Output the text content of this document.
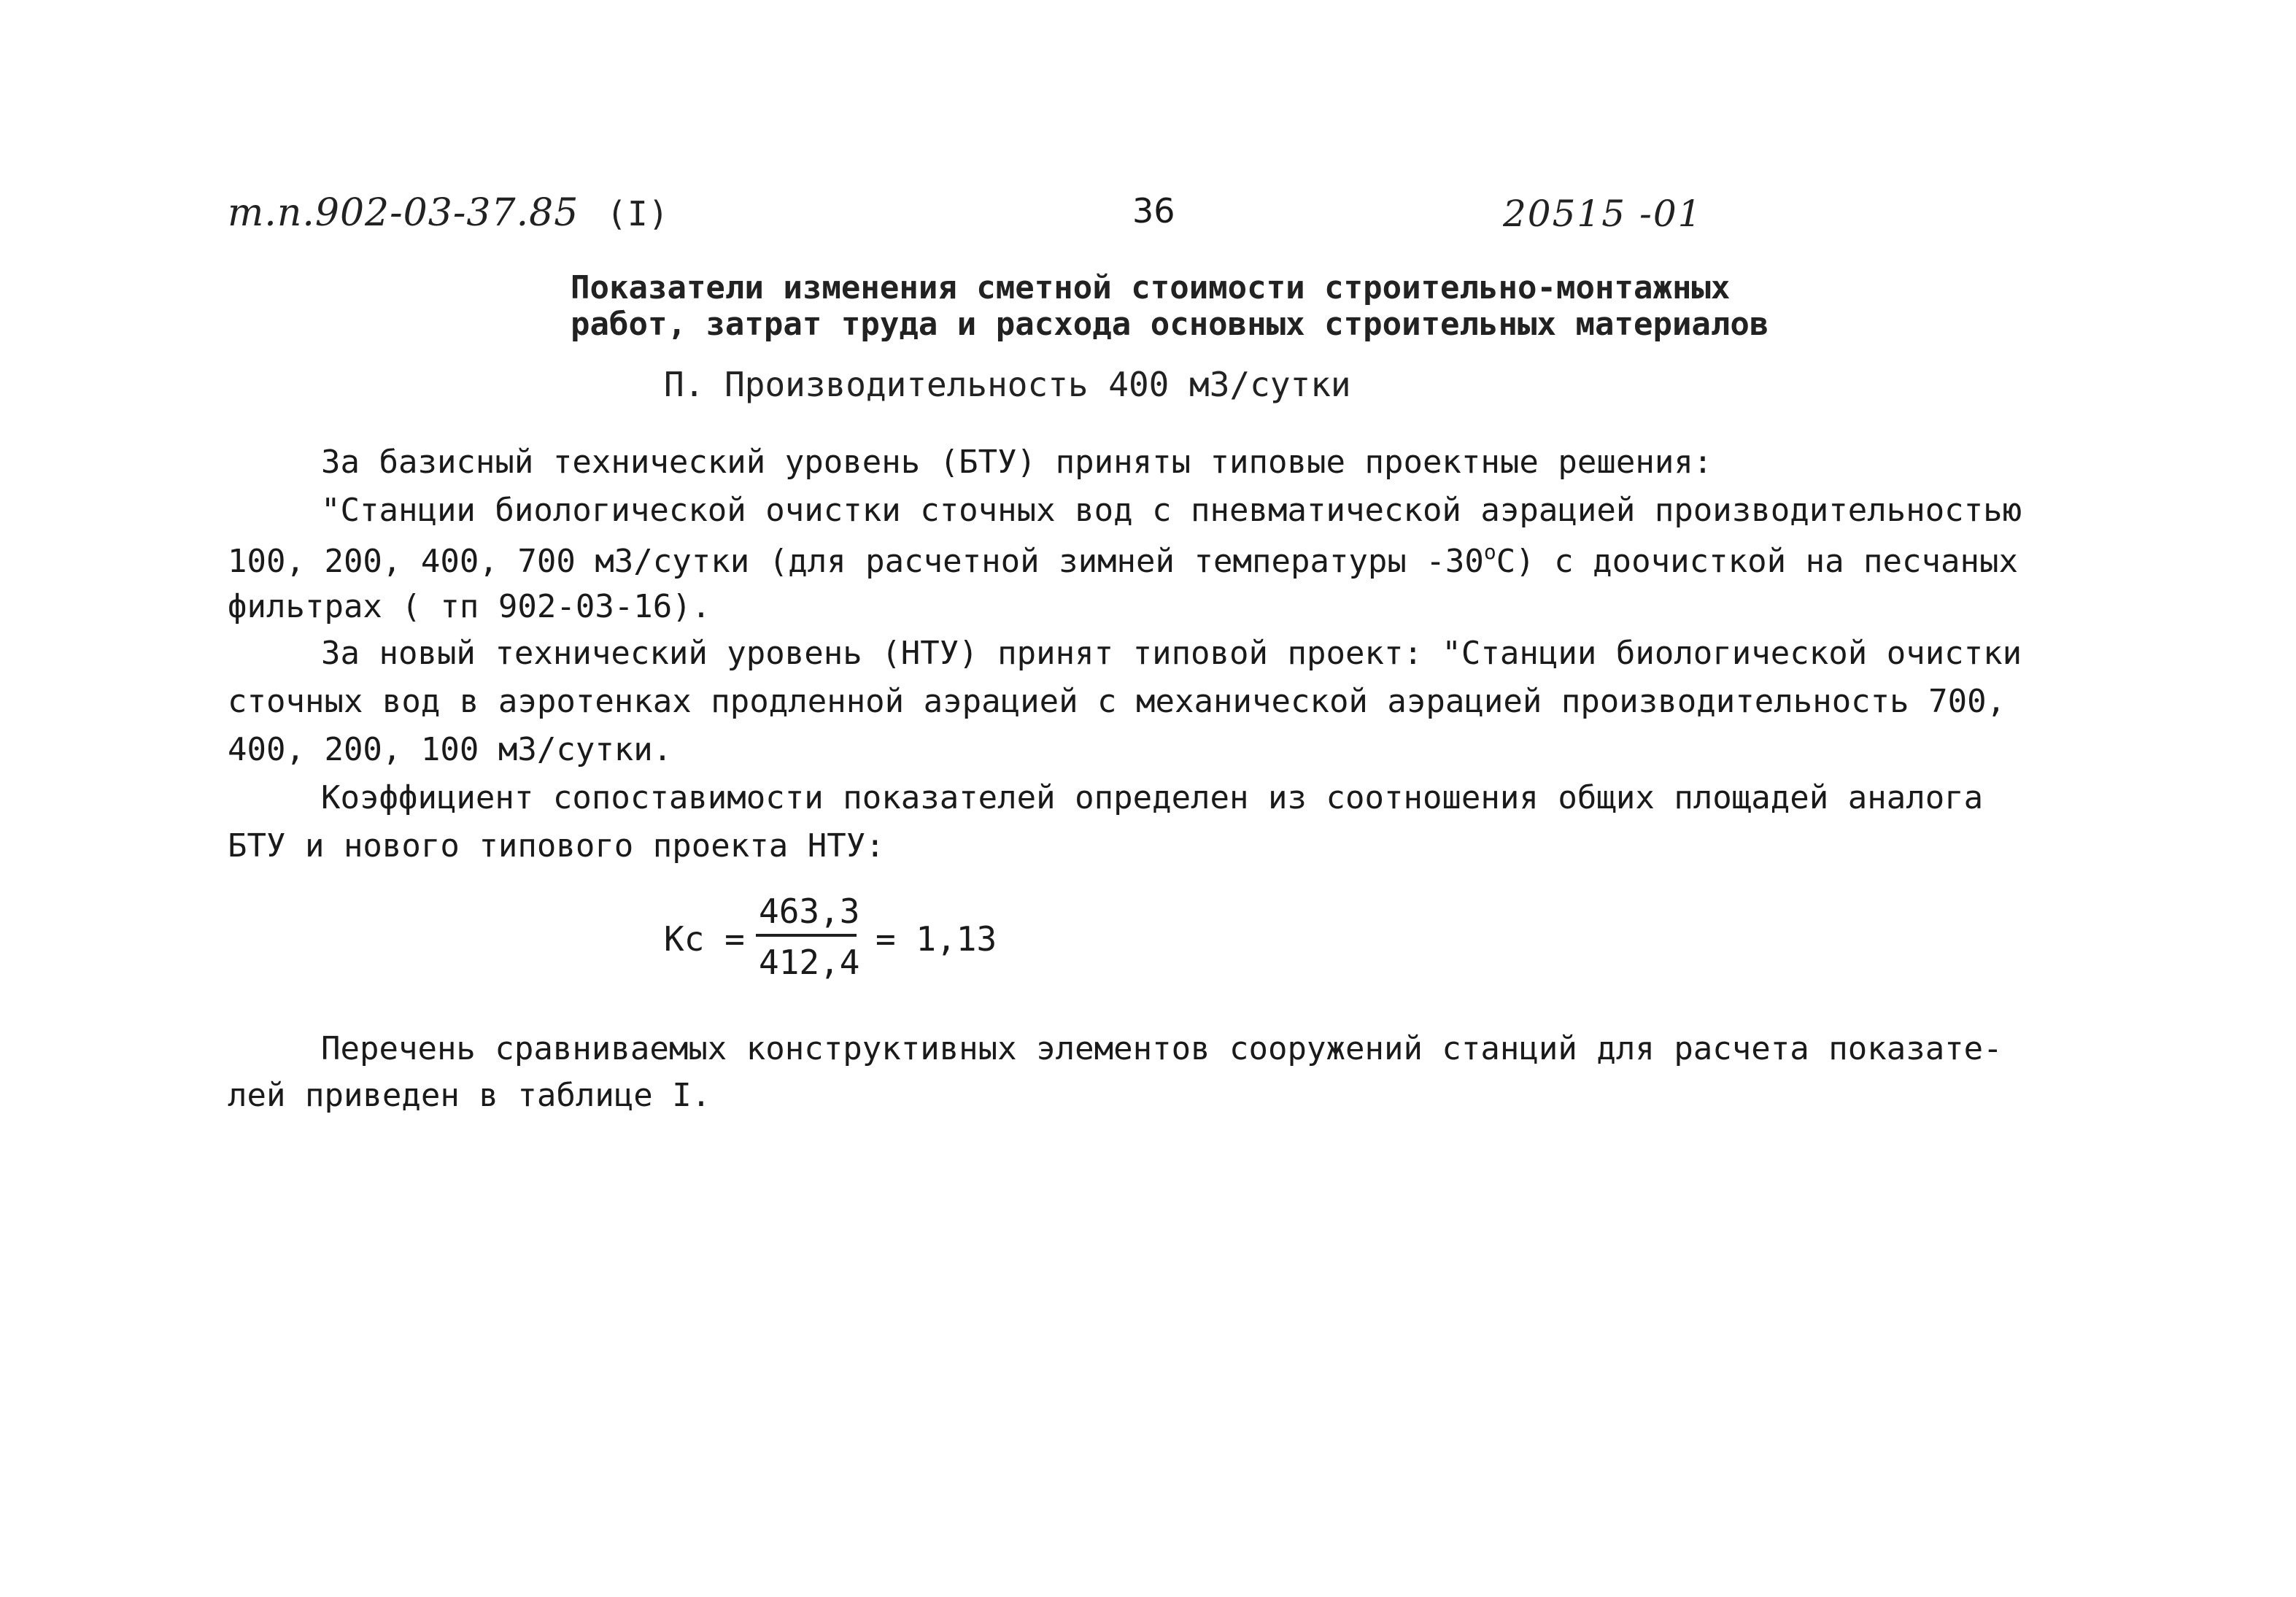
т.п.902-03-37.85 (I)	36	20515 -01
Показатели изменения сметной стоимости строительно-монтажных
работ, затрат труда и расхода основных строительных материалов
П. Производительность 400 м3/сутки
За базисный технический уровень (БТУ) приняты типовые проектные решения:
"Станции биологической очистки сточных вод с пневматической аэрацией производительностью
100, 200, 400, 700 м3/сутки (для расчетной зимней температуры $-30^оС$) с доочисткой на песчаных
фильтрах ( тп 902-03-16).
За новый технический уровень (НТУ) принят типовой проект: "Станции биологической очистки
сточных вод в аэротенках продленной аэрацией с механической аэрацией производительность 700,
400, 200, 100 м3/сутки.
Коэффициент сопоставимости показателей определен из соотношения общих площадей аналога
БТУ и нового типового проекта НТУ:
Кс =
463,3
412,4
= 1,13
Перечень сравниваемых конструктивных элементов сооружений станций для расчета показате-
лей приведен в таблице I.
